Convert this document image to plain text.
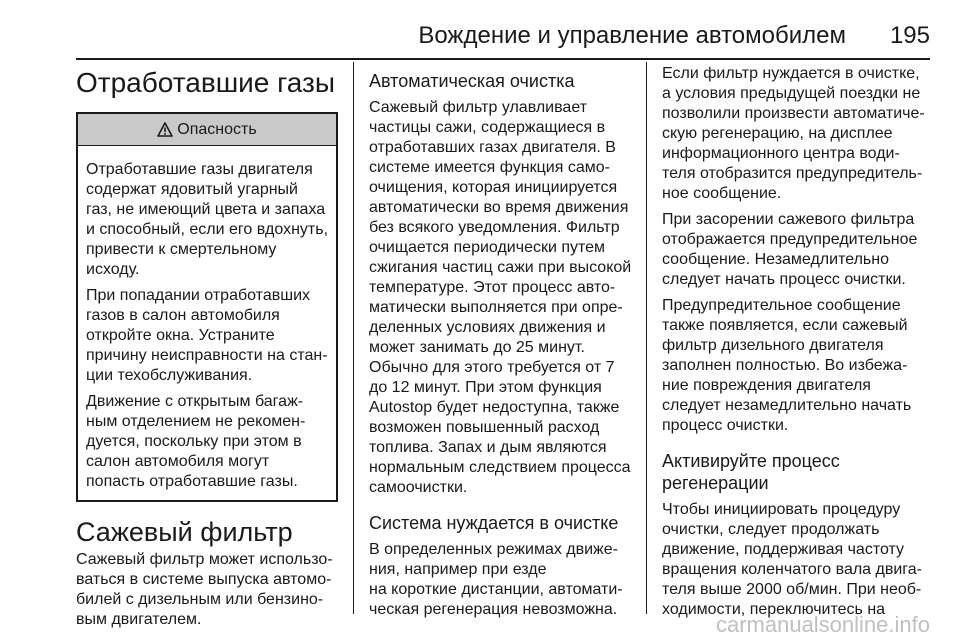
Вождение и управление автомобилем 195
Отработавшие газы
Опасность

Отработавшие газы двигателя
содержат ядовитый угарный
газ, не имеющий цвета и запаха
и способный, если его вдохнуть,
привести к смертельному
исходу.

При попадании отработавших
газов в салон автомобиля
откройте окна. Устраните
причину неисправности на стан-
ции техобслуживания.

Движение с открытым багаж-
ным отделением не рекомен-
дуется, поскольку при этом в
салон автомобиля могут
попасть отработавшие газы.

Сажевый фильтр

Сажевый фильтр может использо-
ваться в системе выпуска автомо-
билей с дизельным или бензино-
вым двигателем.

Автоматическая очистка

Сажевый фильтр улавливает
частицы сажи, содержащиеся в
отработавших газах двигателя. В
системе имеется функция само-
очищения, которая инициируется
автоматически во время движения
без всякого уведомления. Фильтр
очищается периодически путем
сжигания частиц сажи при высокой
температуре. Этот процесс авто-
матически выполняется при опре-
деленных условиях движения и
может занимать до 25 минут.
Обычно для этого требуется от 7
до 12 минут. При этом функция
Autostop будет недоступна, также
возможен повышенный расход
топлива. Запах и дым являются
нормальным следствием процесса
самоочистки.

Система нуждается в очистке

В определенных режимах движе-
ния, например при езде
на короткие дистанции, автомати-
ческая регенерация невозможна.

Если фильтр нуждается в очистке,
а условия предыдущей поездки не
позволили произвести автоматиче-
скую регенерацию, на дисплее
информационного центра води-
теля отобразится предупредитель-
ное сообщение.

При засорении сажевого фильтра
отображается предупредительное
сообщение. Незамедлительно
следует начать процесс очистки.

Предупредительное сообщение
также появляется, если сажевый
фильтр дизельного двигателя
заполнен полностью. Во избежа-
ние повреждения двигателя
следует незамедлительно начать
процесс очистки.

Активируйте процесс
регенерации

Чтобы инициировать процедуру
очистки, следует продолжать
движение, поддерживая частоту
вращения коленчатого вала двига-
теля выше 2000 об/мин. При необ-
ходимости, переключитесь на

carmanualsonline.info
